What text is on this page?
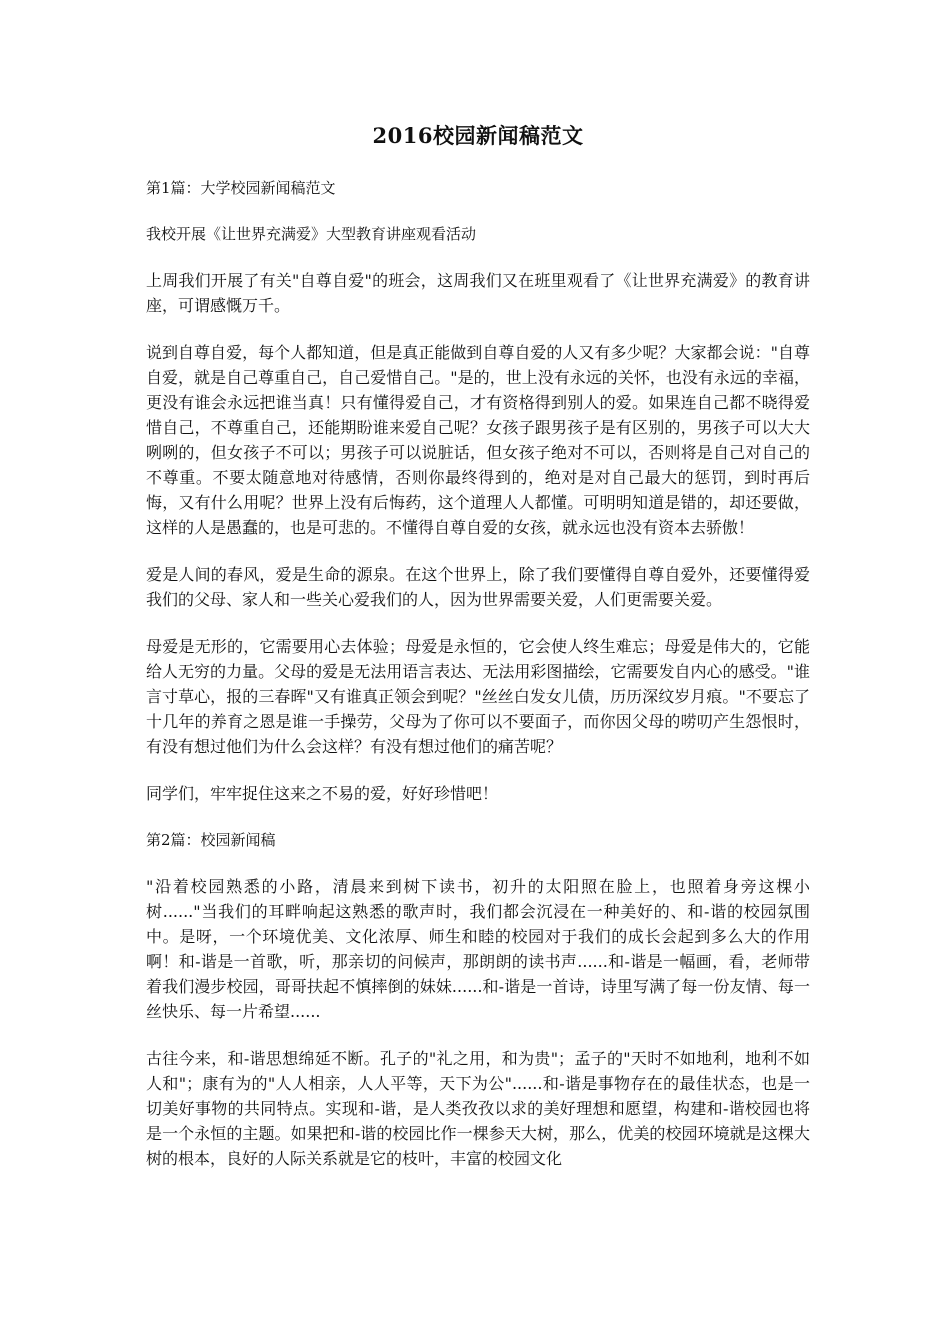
2016校园新闻稿范文

第1篇：大学校园新闻稿范文

我校开展《让世界充满爱》大型教育讲座观看活动

上周我们开展了有关"自尊自爱"的班会，这周我们又在班里观看了《让世界充满爱》的教育讲座，可谓感慨万千。

说到自尊自爱，每个人都知道，但是真正能做到自尊自爱的人又有多少呢？大家都会说："自尊自爱，就是自己尊重自己，自己爱惜自己。"是的，世上没有永远的关怀，也没有永远的幸福，更没有谁会永远把谁当真！只有懂得爱自己，才有资格得到别人的爱。如果连自己都不晓得爱惜自己，不尊重自己，还能期盼谁来爱自己呢？女孩子跟男孩子是有区别的，男孩子可以大大咧咧的，但女孩子不可以；男孩子可以说脏话，但女孩子绝对不可以，否则将是自己对自己的不尊重。不要太随意地对待感情，否则你最终得到的，绝对是对自己最大的惩罚，到时再后悔，又有什么用呢？世界上没有后悔药，这个道理人人都懂。可明明知道是错的，却还要做，这样的人是愚蠢的，也是可悲的。不懂得自尊自爱的女孩，就永远也没有资本去骄傲！

爱是人间的春风，爱是生命的源泉。在这个世界上，除了我们要懂得自尊自爱外，还要懂得爱我们的父母、家人和一些关心爱我们的人，因为世界需要关爱，人们更需要关爱。

母爱是无形的，它需要用心去体验；母爱是永恒的，它会使人终生难忘；母爱是伟大的，它能给人无穷的力量。父母的爱是无法用语言表达、无法用彩图描绘，它需要发自内心的感受。"谁言寸草心，报的三春晖"又有谁真正领会到呢？"丝丝白发女儿债，历历深纹岁月痕。"不要忘了十几年的养育之恩是谁一手操劳，父母为了你可以不要面子，而你因父母的唠叨产生怨恨时，有没有想过他们为什么会这样？有没有想过他们的痛苦呢？

同学们，牢牢捉住这来之不易的爱，好好珍惜吧！

第2篇：校园新闻稿

"沿着校园熟悉的小路，清晨来到树下读书，初升的太阳照在脸上，也照着身旁这棵小树......"当我们的耳畔响起这熟悉的歌声时，我们都会沉浸在一种美好的、和-谐的校园氛围中。是呀，一个环境优美、文化浓厚、师生和睦的校园对于我们的成长会起到多么大的作用啊！和-谐是一首歌，听，那亲切的问候声，那朗朗的读书声......和-谐是一幅画，看，老师带着我们漫步校园，哥哥扶起不慎摔倒的妹妹......和-谐是一首诗，诗里写满了每一份友情、每一丝快乐、每一片希望......

古往今来，和-谐思想绵延不断。孔子的"礼之用，和为贵"；孟子的"天时不如地利，地利不如人和"；康有为的"人人相亲，人人平等，天下为公"......和-谐是事物存在的最佳状态，也是一切美好事物的共同特点。实现和-谐，是人类孜孜以求的美好理想和愿望，构建和-谐校园也将是一个永恒的主题。如果把和-谐的校园比作一棵参天大树，那么，优美的校园环境就是这棵大树的根本，良好的人际关系就是它的枝叶，丰富的校园文化
